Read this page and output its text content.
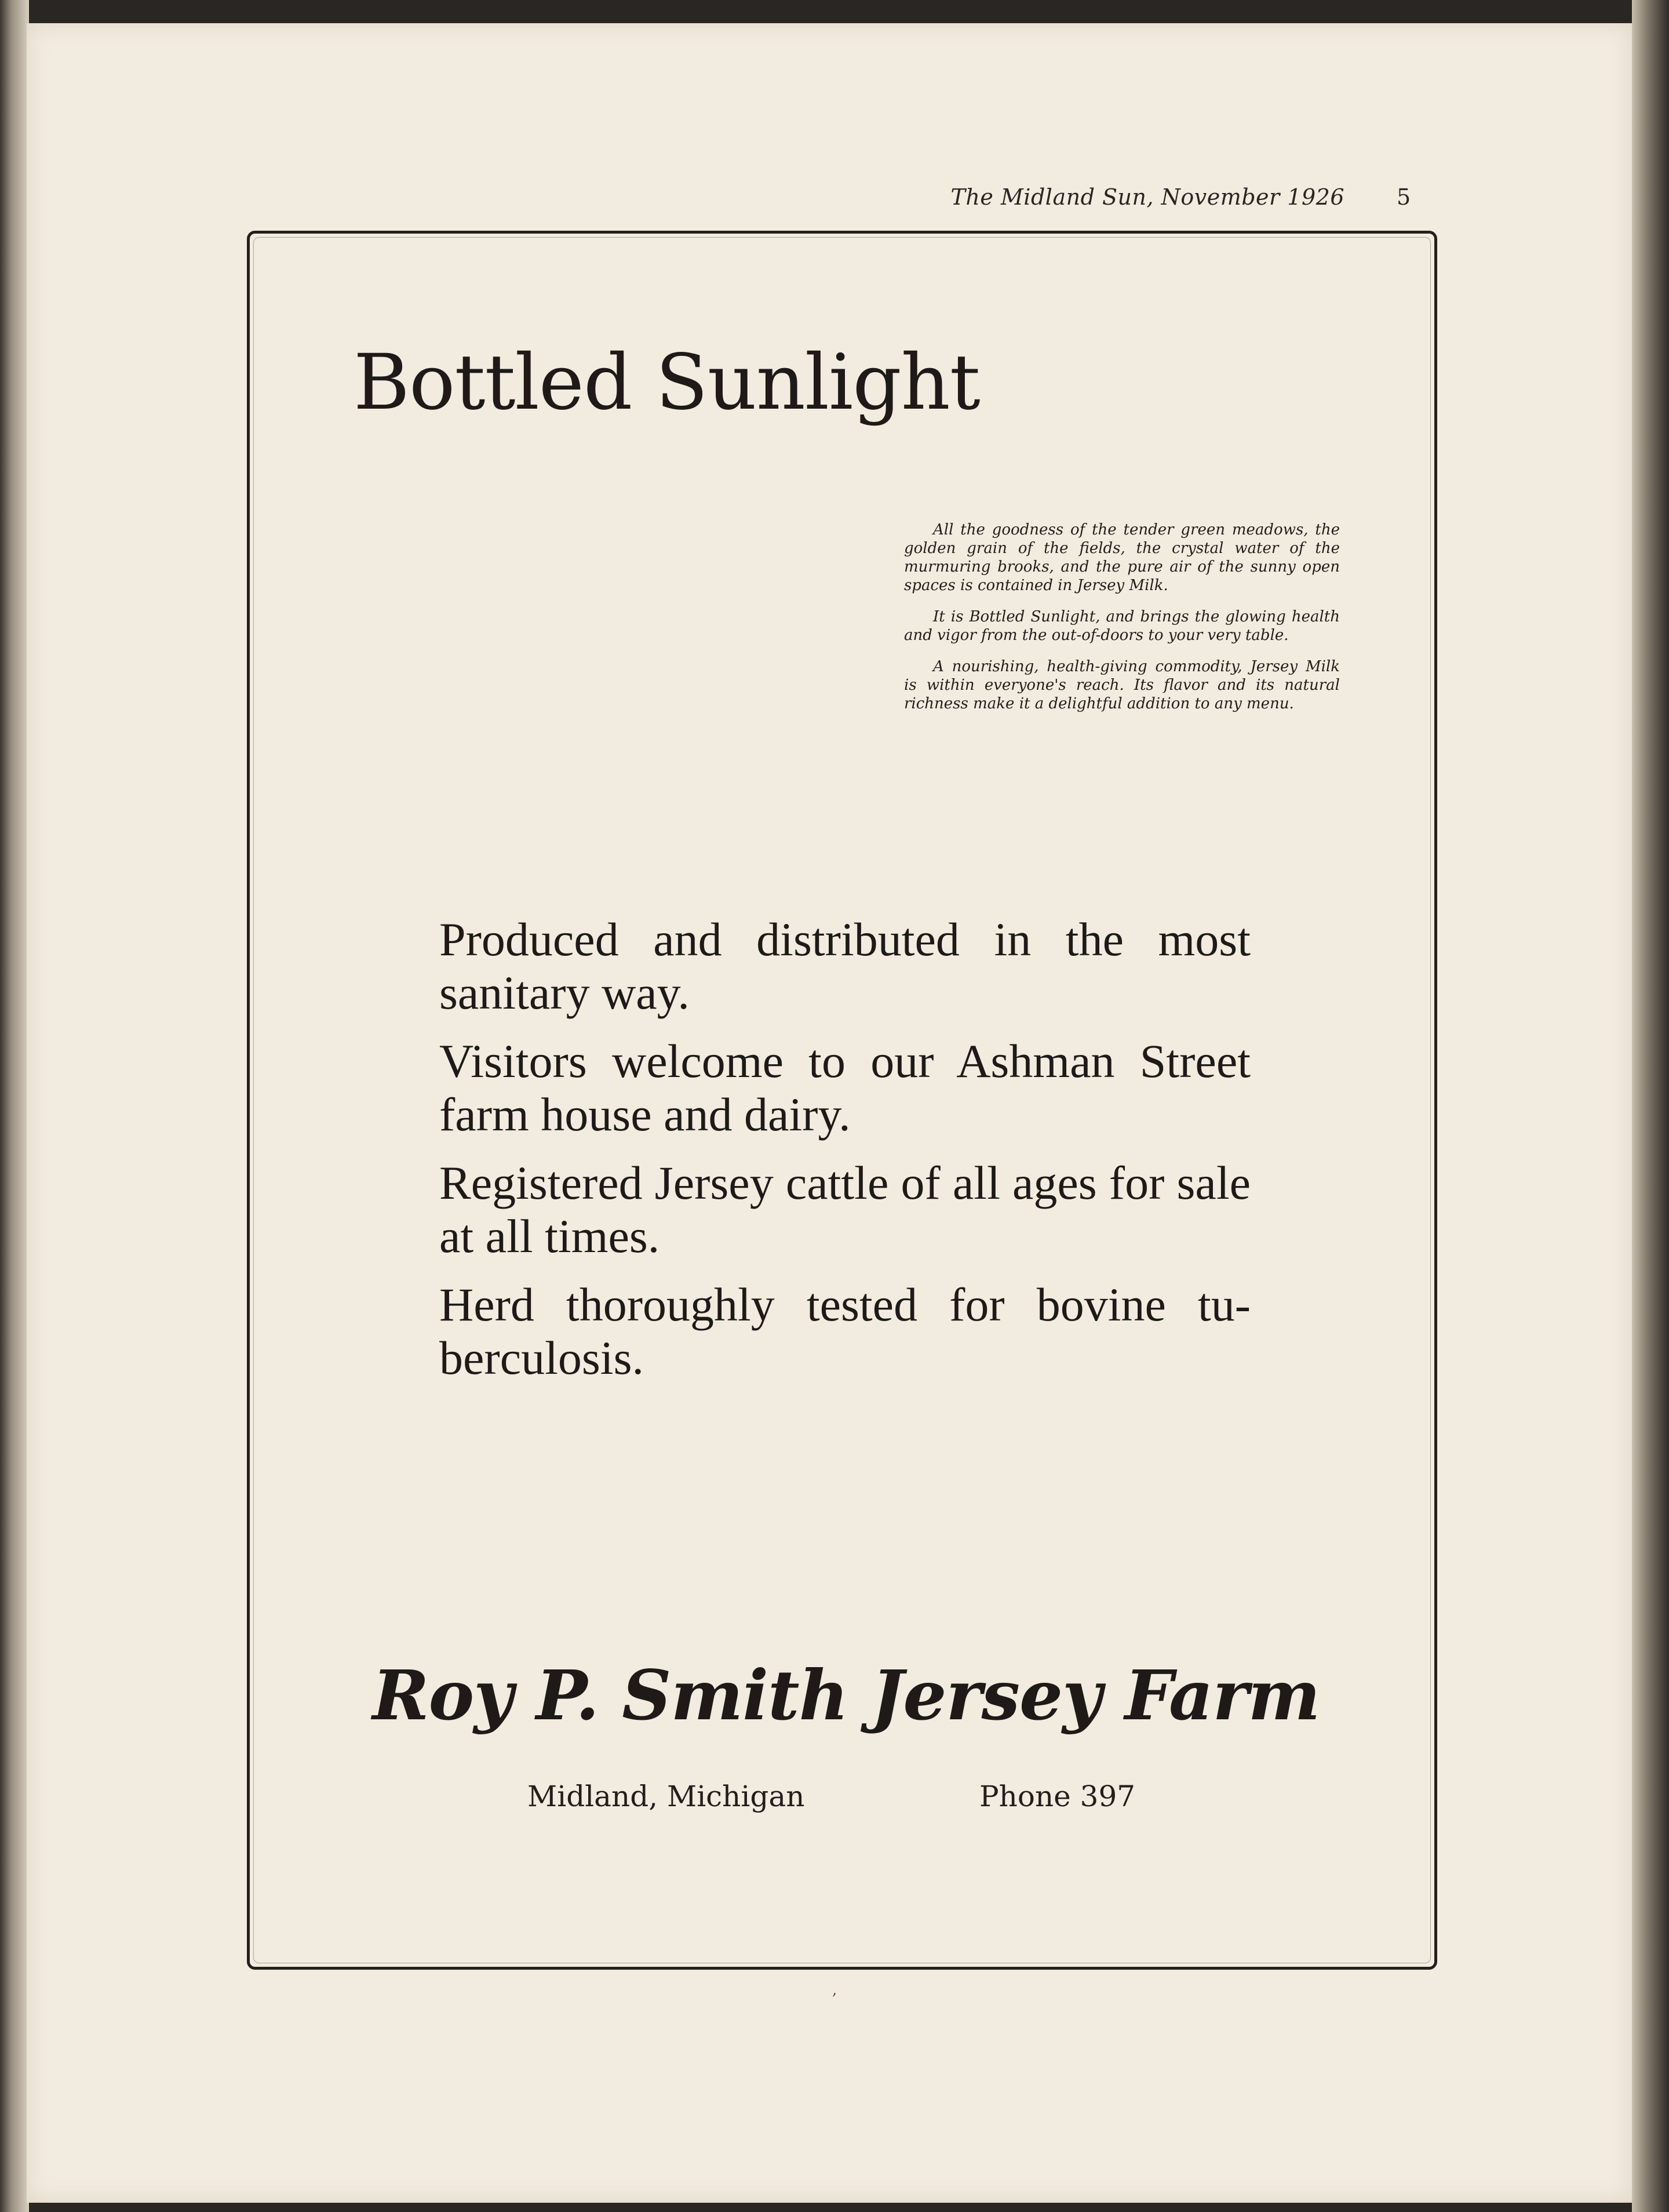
The Midland Sun, November 1926 5
Bottled Sunlight

All the goodness of the tender green meadows, the golden grain of the fields, the crystal water of the murmuring brooks, and the pure air of the sunny open spaces is contained in Jersey Milk.

It is Bottled Sunlight, and brings the glowing health and vigor from the out-of-doors to your very table.

A nourishing, health-giving commodity, Jersey Milk is within everyone's reach. Its flavor and its natural richness make it a delightful addition to any menu.

Produced and distributed in the most sanitary way.

Visitors welcome to our Ashman Street farm house and dairy.

Registered Jersey cattle of all ages for sale at all times.

Herd thoroughly tested for bovine tu-berculosis.

Roy P. Smith Jersey Farm
Midland, Michigan	Phone 397
,
